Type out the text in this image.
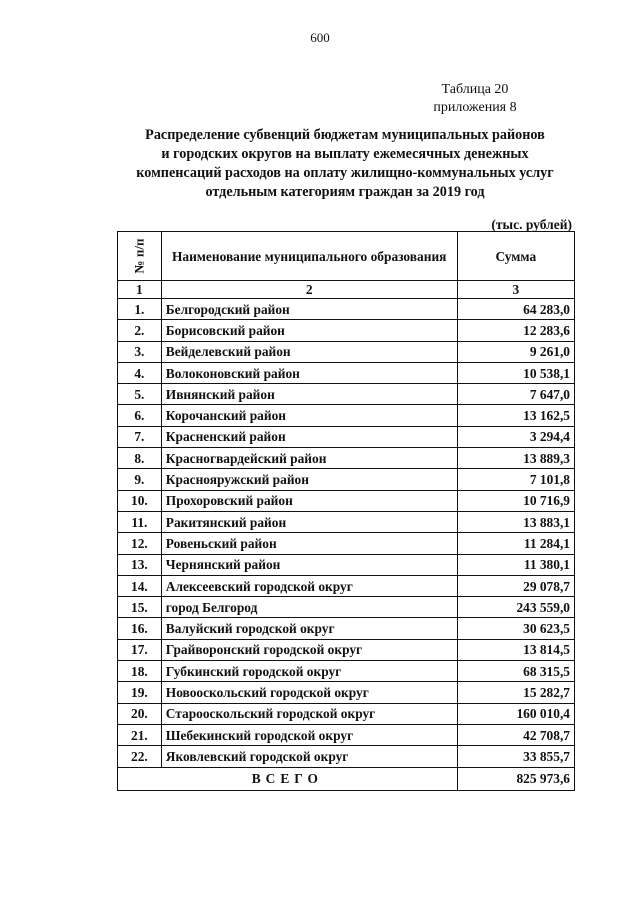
600
Таблица 20
приложения 8
Распределение субвенций бюджетам муниципальных районов
и городских округов на выплату ежемесячных денежных
компенсаций расходов на оплату жилищно-коммунальных услуг
отдельным категориям граждан за 2019 год
(тыс. рублей)
№ п/п	Наименование муниципального образования	Сумма
1	2	3
1.	Белгородский район	64 283,0
2.	Борисовский район	12 283,6
3.	Вейделевский район	9 261,0
4.	Волоконовский район	10 538,1
5.	Ивнянский район	7 647,0
6.	Корочанский район	13 162,5
7.	Красненский район	3 294,4
8.	Красногвардейский район	13 889,3
9.	Краснояружский район	7 101,8
10.	Прохоровский район	10 716,9
11.	Ракитянский район	13 883,1
12.	Ровеньский район	11 284,1
13.	Чернянский район	11 380,1
14.	Алексеевский городской округ	29 078,7
15.	город Белгород	243 559,0
16.	Валуйский городской округ	30 623,5
17.	Грайворонский городской округ	13 814,5
18.	Губкинский городской округ	68 315,5
19.	Новооскольский городской округ	15 282,7
20.	Старооскольский городской округ	160 010,4
21.	Шебекинский городской округ	42 708,7
22.	Яковлевский городской округ	33 855,7
ВСЕГО		825 973,6
